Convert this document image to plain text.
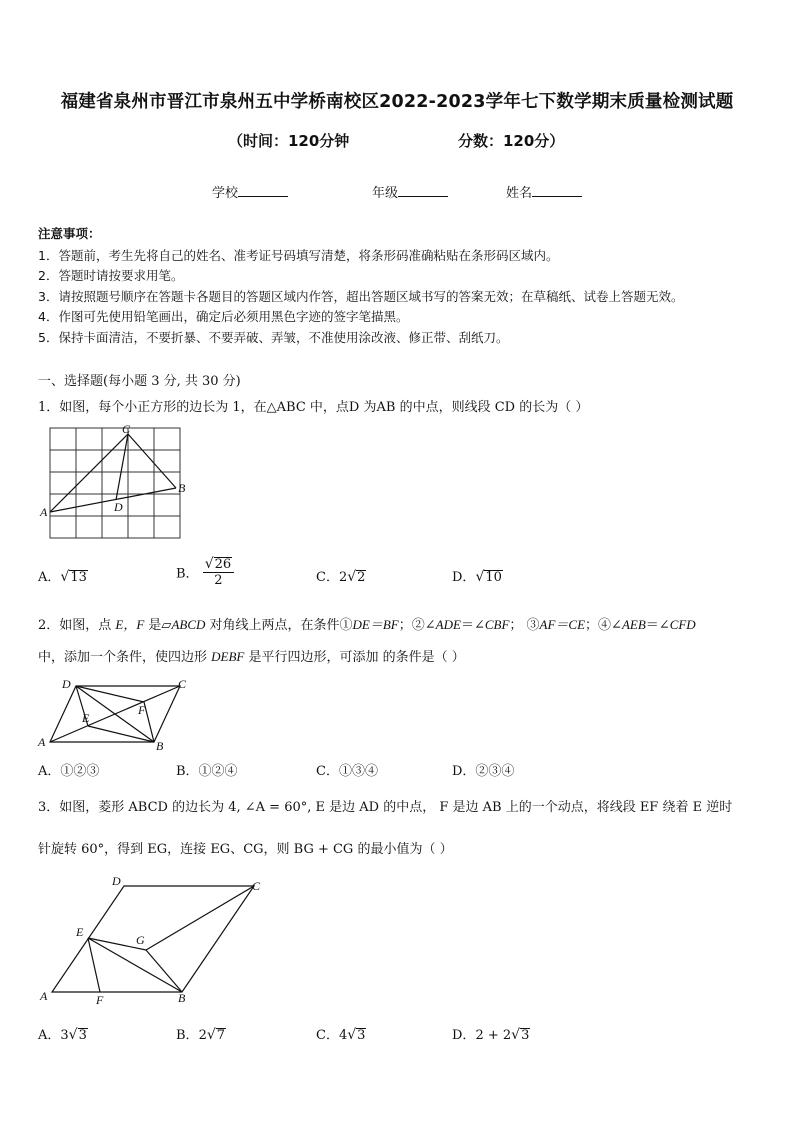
福建省泉州市晋江市泉州五中学桥南校区2022-2023学年七下数学期末质量检测试题
（时间：120分钟	分数：120分）
学校	年级	姓名
注意事项：
1．答题前，考生先将自己的姓名、准考证号码填写清楚，将条形码准确粘贴在条形码区域内。
2．答题时请按要求用笔。
3．请按照题号顺序在答题卡各题目的答题区域内作答，超出答题区域书写的答案无效；在草稿纸、试卷上答题无效。
4．作图可先使用铅笔画出，确定后必须用黑色字迹的签字笔描黑。
5．保持卡面清洁，不要折暴、不要弄破、弄皱，不准使用涂改液、修正带、刮纸刀。
一、选择题(每小题 3 分, 共 30 分)
1．如图，每个小正方形的边长为 1，在△ABC 中，点D 为AB 的中点，则线段 CD 的长为（ ）
A
B
C
D
A．√13	B． $\frac{√26}{2}$	C．2√2	D．√10
2．如图，点 E，F 是▱ABCD 对角线上两点，在条件①DE＝BF；②∠ADE＝∠CBF； ③AF＝CE；④∠AEB＝∠CFD
中，添加一个条件，使四边形 DEBF 是平行四边形，可添加 的条件是（ ）
A	B
C
D
E
F
A．①②③	B．①②④	C．①③④	D．②③④
3．如图，菱形 ABCD 的边长为 4, ∠A = 60°, E 是边 AD 的中点， F 是边 AB 上的一个动点，将线段 EF 绕着 E 逆时
针旋转 60°，得到 EG，连接 EG、CG，则 BG + CG 的最小值为（ ）
A	B
C
D
E
F
G
A．3√3	B．2√7	C．4√3	D．2 + 2√3
